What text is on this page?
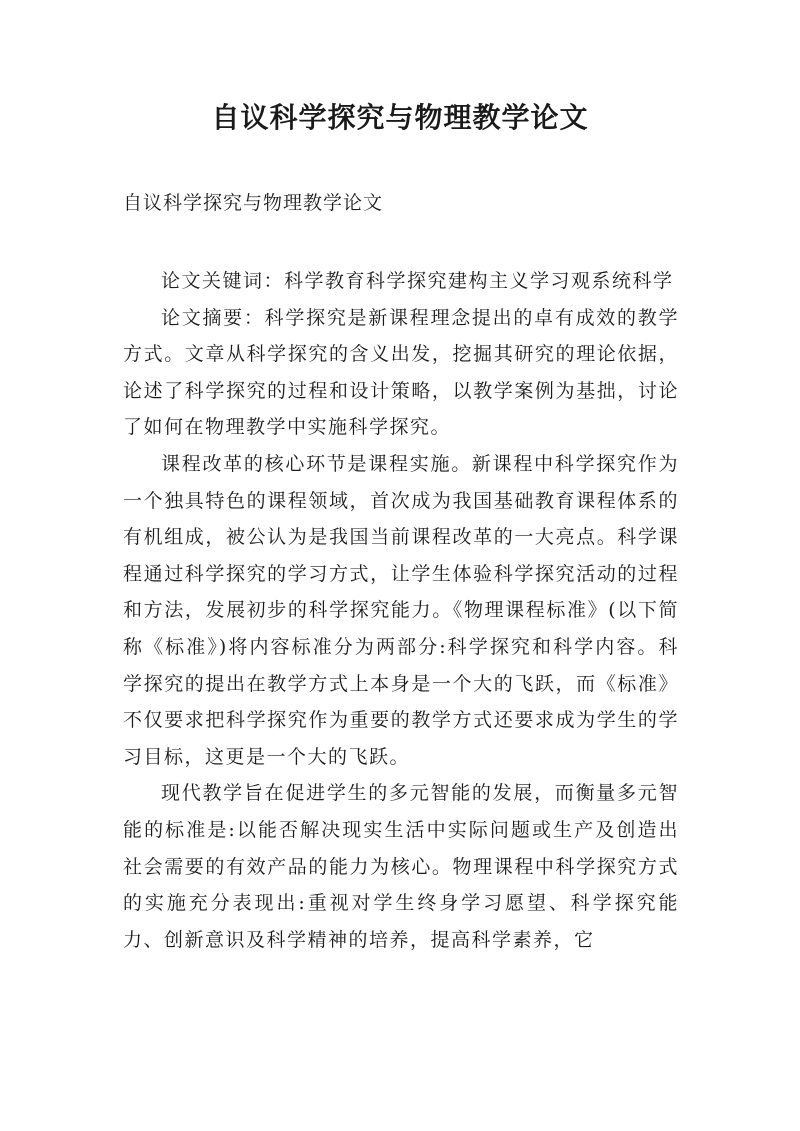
自议科学探究与物理教学论文
自议科学探究与物理教学论文

论文关键词：科学教育科学探究建构主义学习观系统科学

论文摘要：科学探究是新课程理念提出的卓有成效的教学方式。文章从科学探究的含义出发，挖掘其研究的理论依据，论述了科学探究的过程和设计策略，以教学案例为基拙，讨论了如何在物理教学中实施科学探究。

课程改革的核心环节是课程实施。新课程中科学探究作为一个独具特色的课程领域，首次成为我国基础教育课程体系的有机组成，被公认为是我国当前课程改革的一大亮点。科学课程通过科学探究的学习方式，让学生体验科学探究活动的过程和方法，发展初步的科学探究能力。《物理课程标准》(以下简称《标准》)将内容标准分为两部分:科学探究和科学内容。科学探究的提出在教学方式上本身是一个大的飞跃，而《标准》不仅要求把科学探究作为重要的教学方式还要求成为学生的学习目标，这更是一个大的飞跃。

现代教学旨在促进学生的多元智能的发展，而衡量多元智能的标准是:以能否解决现实生活中实际问题或生产及创造出社会需要的有效产品的能力为核心。物理课程中科学探究方式的实施充分表现出:重视对学生终身学习愿望、科学探究能力、创新意识及科学精神的培养，提高科学素养，它
